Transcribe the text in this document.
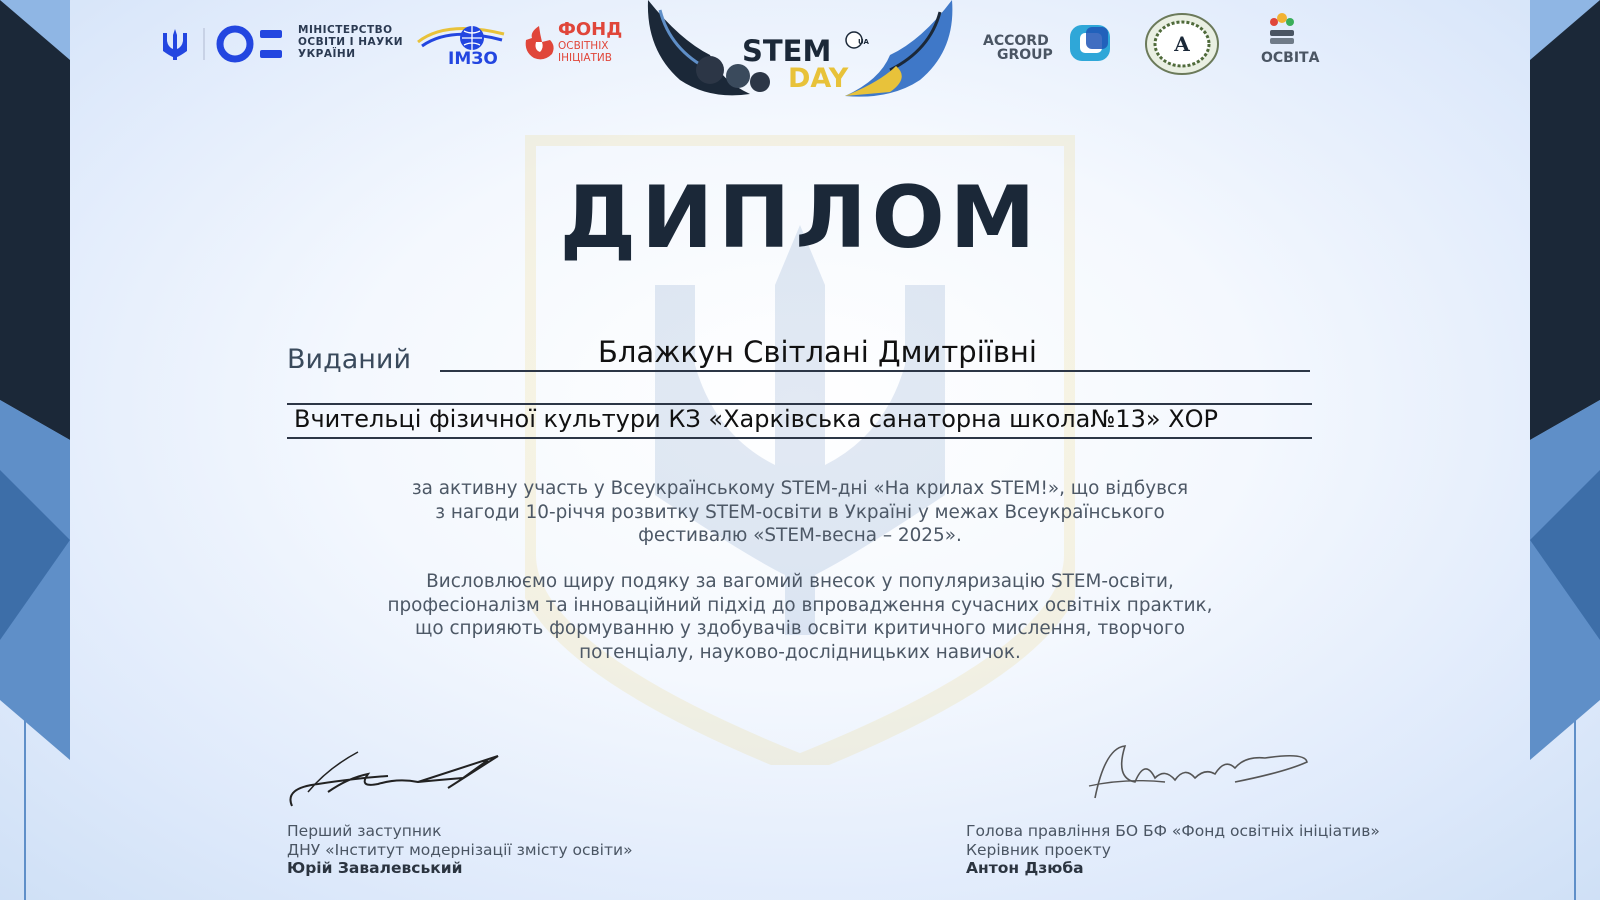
МІНІСТЕРСТВО
ОСВІТИ І НАУКИ
УКРАЇНИ	ІМЗО
ФОНД
ОСВІТНІХ
ІНІЦІАТИВ	STEM	UA
DAY
ACCORD
GROUP	А
ОСВІТА
ДИПЛОМ
Виданий	Блажкун Світлані Дмитріївні
Вчительці фізичної культури КЗ «Харківська санаторна школа№13» ХОР
за активну участь у Всеукраїнському STEM-дні «На крилах STEM!», що відбувся
з нагоди 10-річчя розвитку STEM-освіти в Україні у межах Всеукраїнського
фестивалю «STEM-весна – 2025».
Висловлюємо щиру подяку за вагомий внесок у популяризацію STEM-освіти,
професіоналізм та інноваційний підхід до впровадження сучасних освітніх практик,
що сприяють формуванню у здобувачів освіти критичного мислення, творчого
потенціалу, науково-дослідницьких навичок.
Перший заступник
ДНУ «Інститут модернізації змісту освіти»
Юрій Завалевський
Голова правління БО БФ «Фонд освітніх ініціатив»
Керівник проекту
Антон Дзюба
